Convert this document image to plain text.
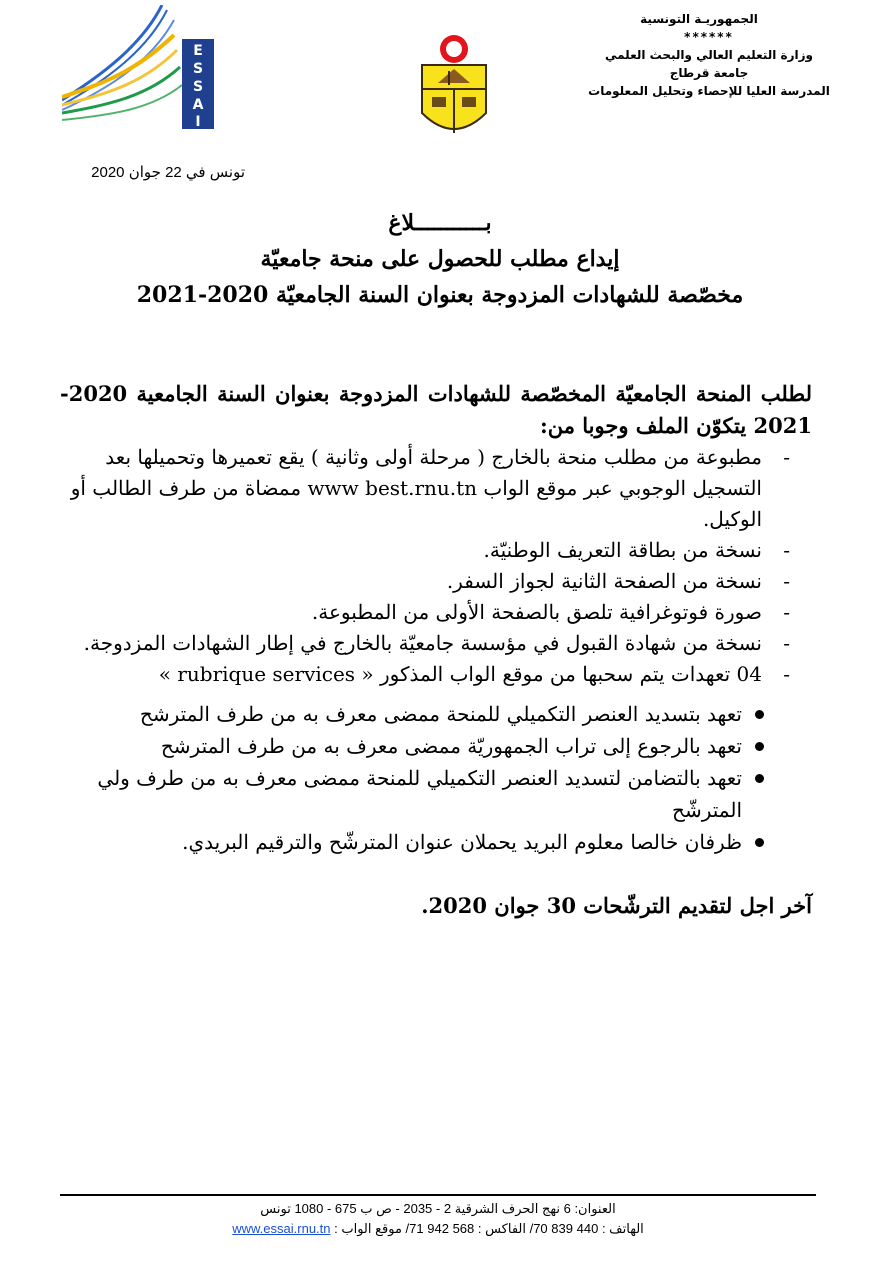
E
S
S
A
I
الجمهوريـة التونسية
******
وزارة التعليم العالي والبحث العلمي
جامعة قرطاج
المدرسة العليا للإحصاء وتحليل المعلومات
تونس في 22 جوان 2020
بـــــــــــلاغ
إيداع مطلب للحصول على منحة جامعيّة
مخصّصة للشهادات المزدوجة بعنوان السنة الجامعيّة 2020-2021
لطلب المنحة الجامعيّة المخصّصة للشهادات المزدوجة بعنوان السنة الجامعية 2020-2021 يتكوّن الملف وجوبا من:
-
مطبوعة من مطلب منحة بالخارج ( مرحلة أولى وثانية ) يقع تعميرها وتحميلها بعد التسجيل الوجوبي عبر موقع الواب www best.rnu.tn ممضاة من طرف الطالب أو الوكيل.
-
نسخة من بطاقة التعريف الوطنيّة.
-
نسخة من الصفحة الثانية لجواز السفر.
-
صورة فوتوغرافية تلصق بالصفحة الأولى من المطبوعة.
-
نسخة من شهادة القبول في مؤسسة جامعيّة بالخارج في إطار الشهادات المزدوجة.
-
04 تعهدات يتم سحبها من موقع الواب المذكور « rubrique services »
تعهد بتسديد العنصر التكميلي للمنحة ممضى معرف به من طرف المترشح
تعهد بالرجوع إلى تراب الجمهوريّة ممضى معرف به من طرف المترشح
تعهد بالتضامن لتسديد العنصر التكميلي للمنحة ممضى معرف به من طرف ولي المترشّح
ظرفان خالصا معلوم البريد يحملان عنوان المترشّح والترقيم البريدي.
آخر اجل لتقديم الترشّحات 30 جوان 2020.
العنوان: 6 نهج الحرف الشرقية 2 - 2035 - ص ب 675 - 1080 تونس
الهاتف : 440 839 70/ الفاكس : 568 942 71/ موقع الواب : www.essai.rnu.tn
